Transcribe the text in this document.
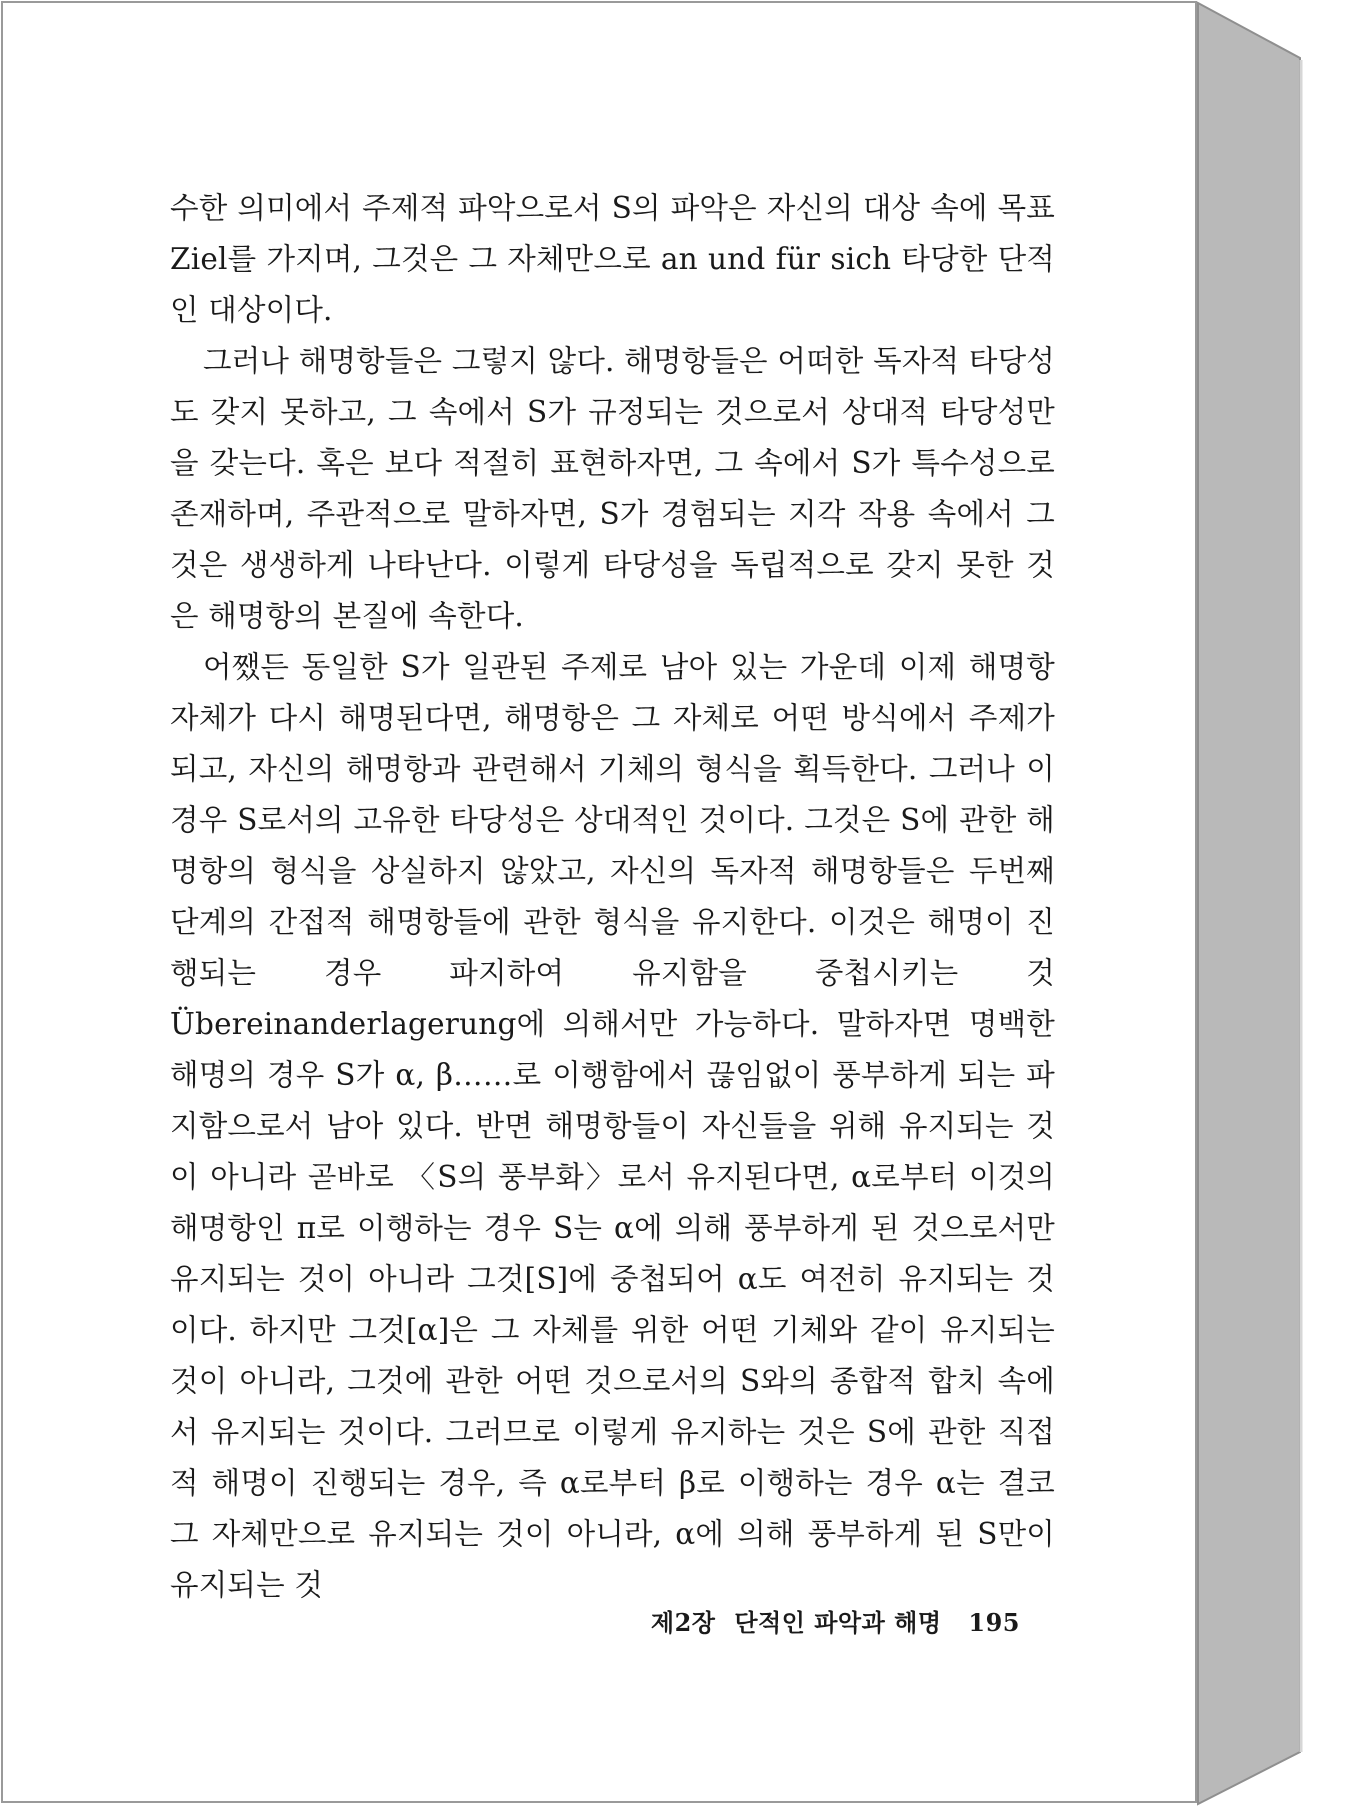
수한 의미에서 주제적 파악으로서 S의 파악은 자신의 대상 속에 목표 Ziel를 가지며, 그것은 그 자체만으로 an und für sich 타당한 단적인 대상이다.

그러나 해명항들은 그렇지 않다. 해명항들은 어떠한 독자적 타당성도 갖지 못하고, 그 속에서 S가 규정되는 것으로서 상대적 타당성만을 갖는다. 혹은 보다 적절히 표현하자면, 그 속에서 S가 특수성으로 존재하며, 주관적으로 말하자면, S가 경험되는 지각 작용 속에서 그것은 생생하게 나타난다. 이렇게 타당성을 독립적으로 갖지 못한 것은 해명항의 본질에 속한다.

어쨌든 동일한 S가 일관된 주제로 남아 있는 가운데 이제 해명항 자체가 다시 해명된다면, 해명항은 그 자체로 어떤 방식에서 주제가 되고, 자신의 해명항과 관련해서 기체의 형식을 획득한다. 그러나 이 경우 S로서의 고유한 타당성은 상대적인 것이다. 그것은 S에 관한 해명항의 형식을 상실하지 않았고, 자신의 독자적 해명항들은 두번째 단계의 간접적 해명항들에 관한 형식을 유지한다. 이것은 해명이 진행되는 경우 파지하여 유지함을 중첩시키는 것 Übereinanderlagerung에 의해서만 가능하다. 말하자면 명백한 해명의 경우 S가 α, β……로 이행함에서 끊임없이 풍부하게 되는 파지함으로서 남아 있다. 반면 해명항들이 자신들을 위해 유지되는 것이 아니라 곧바로 〈S의 풍부화〉로서 유지된다면, α로부터 이것의 해명항인 π로 이행하는 경우 S는 α에 의해 풍부하게 된 것으로서만 유지되는 것이 아니라 그것[S]에 중첩되어 α도 여전히 유지되는 것이다. 하지만 그것[α]은 그 자체를 위한 어떤 기체와 같이 유지되는 것이 아니라, 그것에 관한 어떤 것으로서의 S와의 종합적 합치 속에서 유지되는 것이다. 그러므로 이렇게 유지하는 것은 S에 관한 직접적 해명이 진행되는 경우, 즉 α로부터 β로 이행하는 경우 α는 결코 그 자체만으로 유지되는 것이 아니라, α에 의해 풍부하게 된 S만이 유지되는 것

제2장 단적인 파악과 해명 195
